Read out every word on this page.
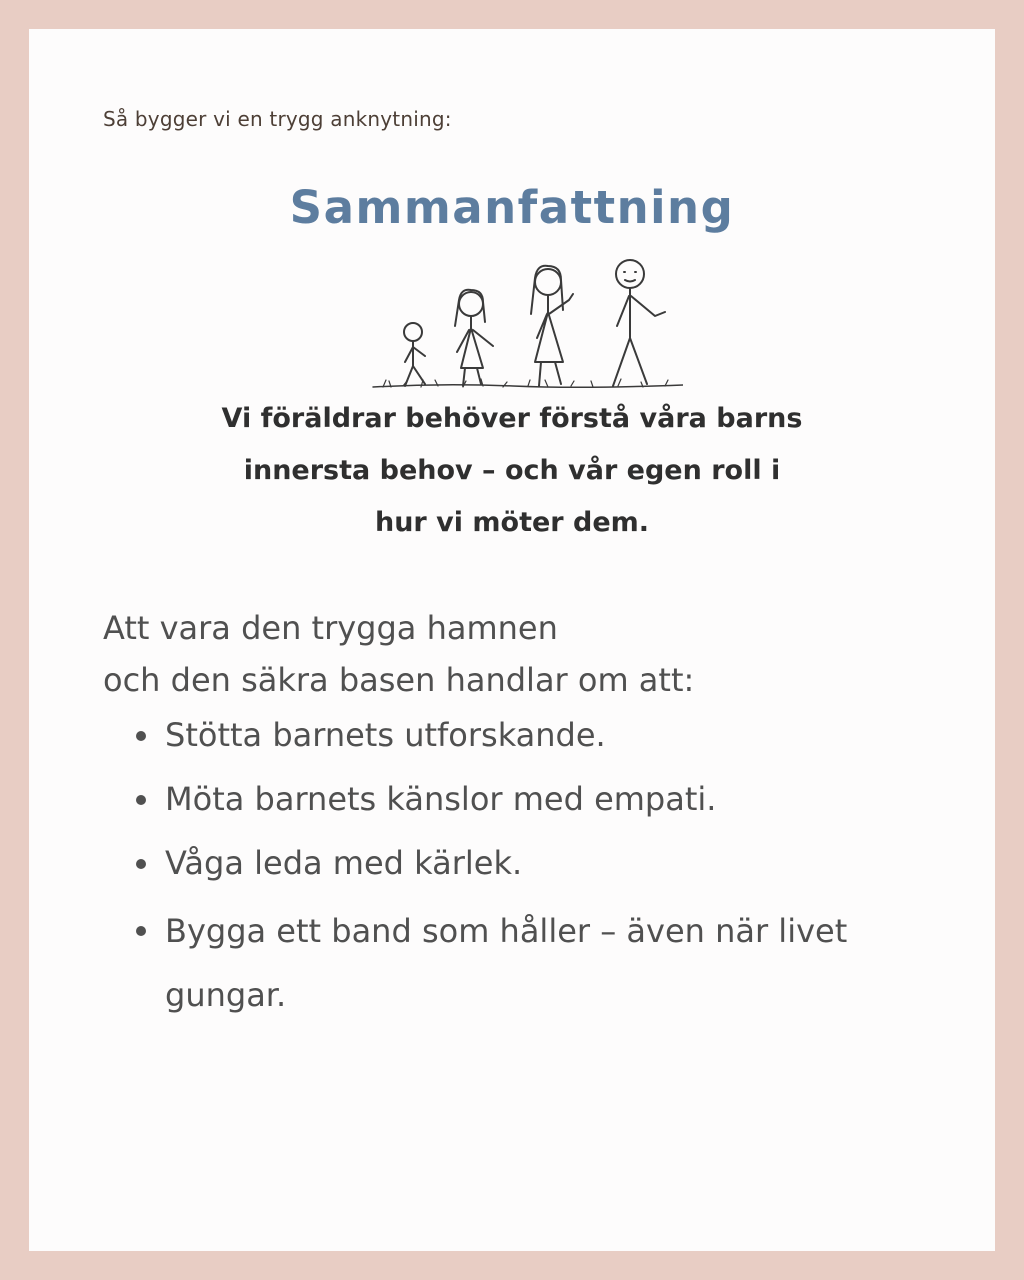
Så bygger vi en trygg anknytning:

Sammanfattning

Vi föräldrar behöver förstå våra barns
innersta behov – och vår egen roll i
hur vi möter dem.

Att vara den trygga hamnen
och den säkra basen handlar om att:

Stötta barnets utforskande.
Möta barnets känslor med empati.
Våga leda med kärlek.
Bygga ett band som håller – även när livet gungar.
